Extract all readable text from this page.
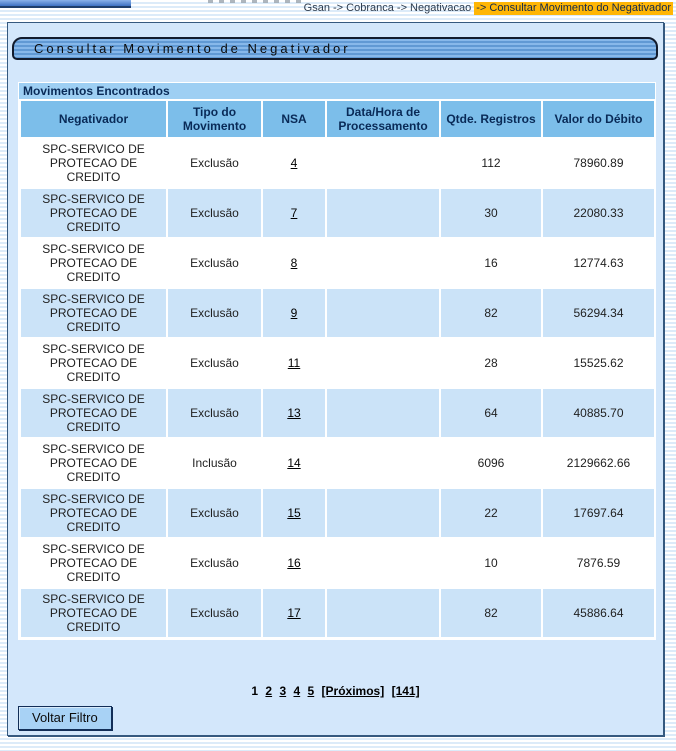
Gsan -> Cobranca -> Negativacao -> Consultar Movimento do Negativador
Consultar Movimento de Negativador
Movimentos Encontrados
Negativador	Tipo do Movimento	NSA	Data/Hora de Processamento	Qtde. Registros	Valor do Débito
SPC-SERVICO DE PROTECAO DE CREDITO	Exclusão	4		112	78960.89
SPC-SERVICO DE PROTECAO DE CREDITO	Exclusão	7		30	22080.33
SPC-SERVICO DE PROTECAO DE CREDITO	Exclusão	8		16	12774.63
SPC-SERVICO DE PROTECAO DE CREDITO	Exclusão	9		82	56294.34
SPC-SERVICO DE PROTECAO DE CREDITO	Exclusão	11		28	15525.62
SPC-SERVICO DE PROTECAO DE CREDITO	Exclusão	13		64	40885.70
SPC-SERVICO DE PROTECAO DE CREDITO	Inclusão	14		6096	2129662.66
SPC-SERVICO DE PROTECAO DE CREDITO	Exclusão	15		22	17697.64
SPC-SERVICO DE PROTECAO DE CREDITO	Exclusão	16		10	7876.59
SPC-SERVICO DE PROTECAO DE CREDITO	Exclusão	17		82	45886.64
1 2 3 4 5 [Próximos] [141]
Voltar Filtro
